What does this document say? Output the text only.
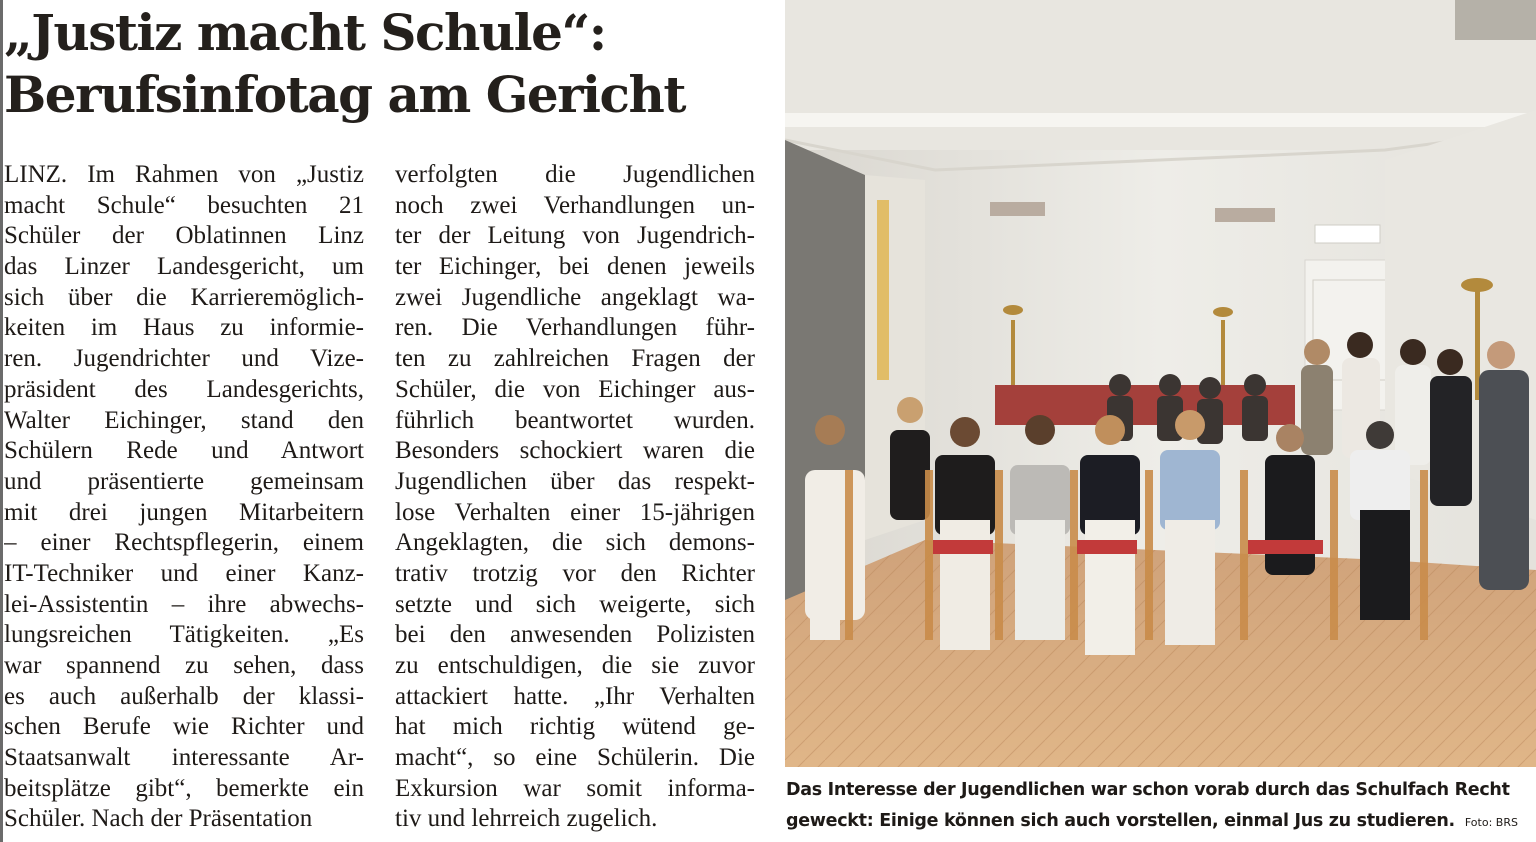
„Justiz macht Schule“:
Berufsinfotag am Gericht
LINZ. Im Rahmen von „Justiz
macht Schule“ besuchten 21
Schüler der Oblatinnen Linz
das Linzer Landesgericht, um
sich über die Karrieremöglich-
keiten im Haus zu informie-
ren. Jugendrichter und Vize-
präsident des Landesgerichts,
Walter Eichinger, stand den
Schülern Rede und Antwort
und präsentierte gemeinsam
mit drei jungen Mitarbeitern
– einer Rechtspflegerin, einem
IT-Techniker und einer Kanz-
lei-Assistentin – ihre abwechs-
lungsreichen Tätigkeiten. „Es
war spannend zu sehen, dass
es auch außerhalb der klassi-
schen Berufe wie Richter und
Staatsanwalt interessante Ar-
beitsplätze gibt“, bemerkte ein
Schüler. Nach der Präsentation
verfolgten die Jugendlichen
noch zwei Verhandlungen un-
ter der Leitung von Jugendrich-
ter Eichinger, bei denen jeweils
zwei Jugendliche angeklagt wa-
ren. Die Verhandlungen führ-
ten zu zahlreichen Fragen der
Schüler, die von Eichinger aus-
führlich beantwortet wurden.
Besonders schockiert waren die
Jugendlichen über das respekt-
lose Verhalten einer 15-jährigen
Angeklagten, die sich demons-
trativ trotzig vor den Richter
setzte und sich weigerte, sich
bei den anwesenden Polizisten
zu entschuldigen, die sie zuvor
attackiert hatte. „Ihr Verhalten
hat mich richtig wütend ge-
macht“, so eine Schülerin. Die
Exkursion war somit informa-
tiv und lehrreich zugelich.
Das Interesse der Jugendlichen war schon vorab durch das Schulfach Recht
geweckt: Einige können sich auch vorstellen, einmal Jus zu studieren. Foto: BRS
